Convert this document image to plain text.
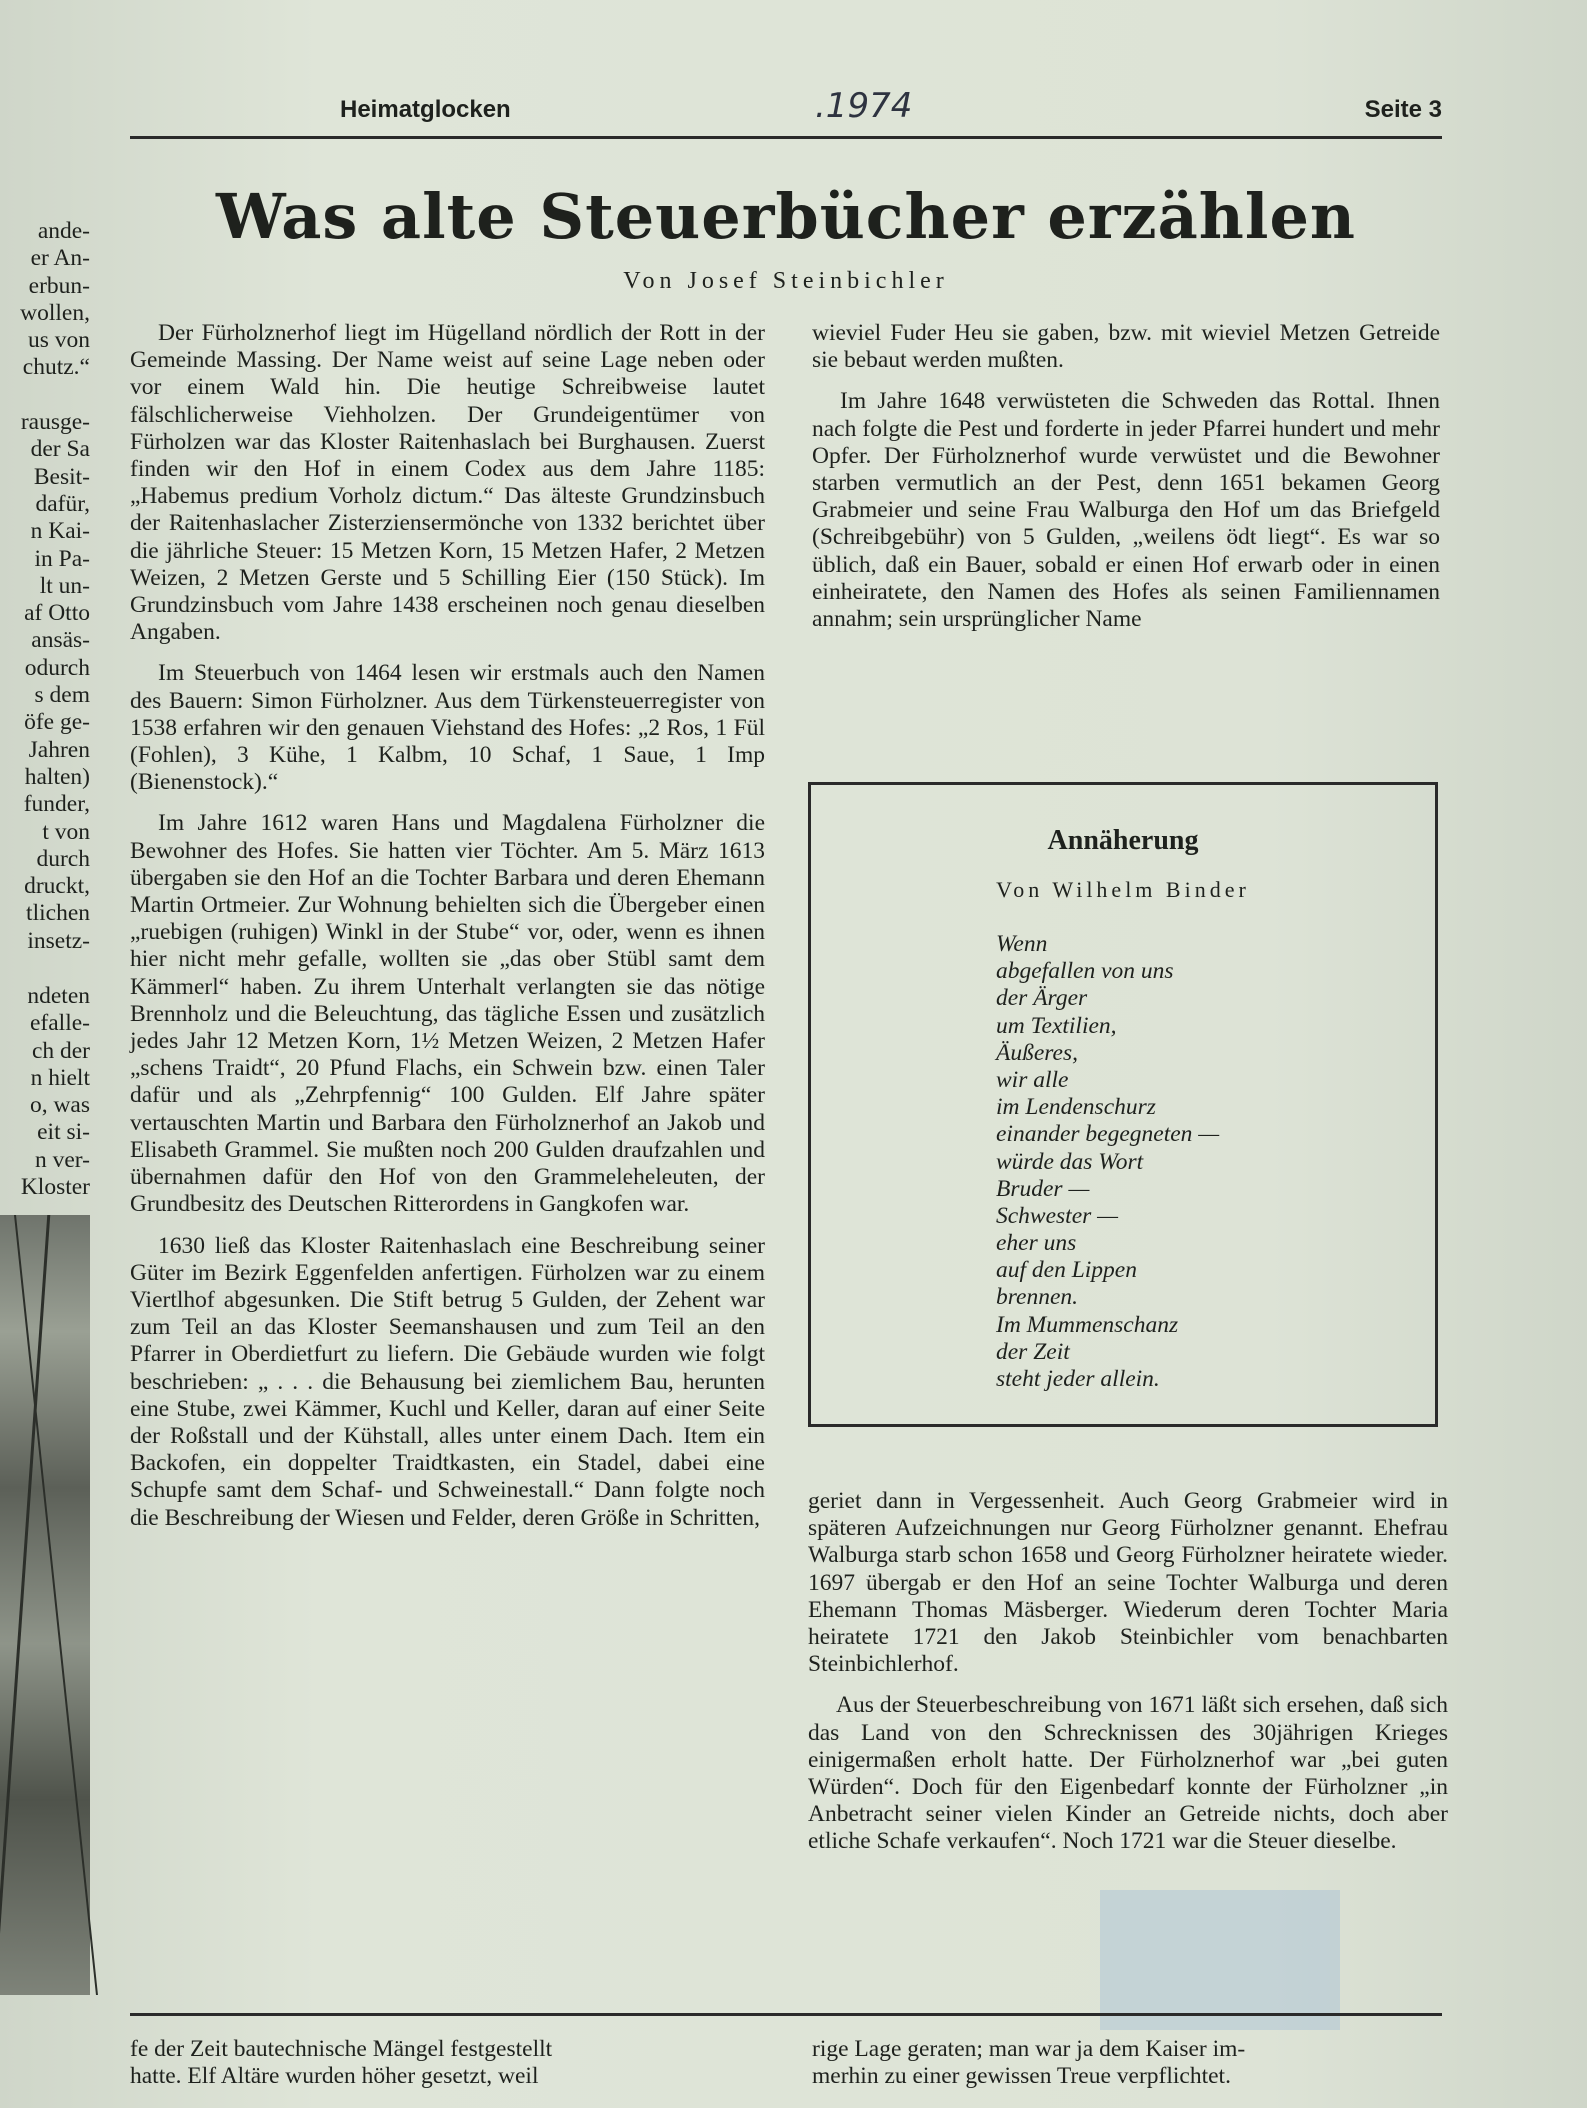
Heimatglocken	.1974	Seite 3
Was alte Steuerbücher erzählen
Von Josef Steinbichler
ande-
er An-
erbun-
wollen,
us von
chutz.“
rausge-
der Sa
Besit-
dafür,
n Kai-
in Pa-
lt un-
af Otto
ansäs-
odurch
s dem
öfe ge-
Jahren
halten)
funder,
t von
durch
druckt,
tlichen
insetz-
ndeten
efalle-
ch der
n hielt
o, was
eit si-
n ver-
Kloster

Der Fürholznerhof liegt im Hügelland nördlich der Rott in der Gemeinde Massing. Der Name weist auf seine Lage neben oder vor einem Wald hin. Die heutige Schreibweise lautet fälschlicherweise Viehholzen. Der Grundeigentümer von Fürholzen war das Kloster Raitenhaslach bei Burghausen. Zuerst finden wir den Hof in einem Codex aus dem Jahre 1185: „Habemus predium Vorholz dictum.“ Das älteste Grundzinsbuch der Raitenhaslacher Zisterziensermönche von 1332 berichtet über die jährliche Steuer: 15 Metzen Korn, 15 Metzen Hafer, 2 Metzen Weizen, 2 Metzen Gerste und 5 Schilling Eier (150 Stück). Im Grundzinsbuch vom Jahre 1438 erscheinen noch genau dieselben Angaben.

Im Steuerbuch von 1464 lesen wir erstmals auch den Namen des Bauern: Simon Fürholzner. Aus dem Türkensteuerregister von 1538 erfahren wir den genauen Viehstand des Hofes: „2 Ros, 1 Fül (Fohlen), 3 Kühe, 1 Kalbm, 10 Schaf, 1 Saue, 1 Imp (Bienenstock).“

Im Jahre 1612 waren Hans und Magdalena Fürholzner die Bewohner des Hofes. Sie hatten vier Töchter. Am 5. März 1613 übergaben sie den Hof an die Tochter Barbara und deren Ehemann Martin Ortmeier. Zur Wohnung behielten sich die Übergeber einen „ruebigen (ruhigen) Winkl in der Stube“ vor, oder, wenn es ihnen hier nicht mehr gefalle, wollten sie „das ober Stübl samt dem Kämmerl“ haben. Zu ihrem Unterhalt verlangten sie das nötige Brennholz und die Beleuchtung, das tägliche Essen und zusätzlich jedes Jahr 12 Metzen Korn, 1½ Metzen Weizen, 2 Metzen Hafer „schens Traidt“, 20 Pfund Flachs, ein Schwein bzw. einen Taler dafür und als „Zehrpfennig“ 100 Gulden. Elf Jahre später vertauschten Martin und Barbara den Fürholznerhof an Jakob und Elisabeth Grammel. Sie mußten noch 200 Gulden draufzahlen und übernahmen dafür den Hof von den Grammeleheleuten, der Grundbesitz des Deutschen Ritterordens in Gangkofen war.

1630 ließ das Kloster Raitenhaslach eine Beschreibung seiner Güter im Bezirk Eggenfelden anfertigen. Fürholzen war zu einem Viertlhof abgesunken. Die Stift betrug 5 Gulden, der Zehent war zum Teil an das Kloster Seemanshausen und zum Teil an den Pfarrer in Oberdietfurt zu liefern. Die Gebäude wurden wie folgt beschrieben: „ . . . die Behausung bei ziemlichem Bau, herunten eine Stube, zwei Kämmer, Kuchl und Keller, daran auf einer Seite der Roßstall und der Kühstall, alles unter einem Dach. Item ein Backofen, ein doppelter Traidtkasten, ein Stadel, dabei eine Schupfe samt dem Schaf- und Schweinestall.“ Dann folgte noch die Beschreibung der Wiesen und Felder, deren Größe in Schritten,

wieviel Fuder Heu sie gaben, bzw. mit wieviel Metzen Getreide sie bebaut werden mußten.

Im Jahre 1648 verwüsteten die Schweden das Rottal. Ihnen nach folgte die Pest und forderte in jeder Pfarrei hundert und mehr Opfer. Der Fürholznerhof wurde verwüstet und die Bewohner starben vermutlich an der Pest, denn 1651 bekamen Georg Grabmeier und seine Frau Walburga den Hof um das Briefgeld (Schreibgebühr) von 5 Gulden, „weilens ödt liegt“. Es war so üblich, daß ein Bauer, sobald er einen Hof erwarb oder in einen einheiratete, den Namen des Hofes als seinen Familiennamen annahm; sein ursprünglicher Name

Annäherung
Von Wilhelm Binder
Wenn
abgefallen von uns
der Ärger
um Textilien,
Äußeres,
wir alle
im Lendenschurz
einander begegneten —
würde das Wort
Bruder —
Schwester —
eher uns
auf den Lippen
brennen.
Im Mummenschanz
der Zeit
steht jeder allein.

geriet dann in Vergessenheit. Auch Georg Grabmeier wird in späteren Aufzeichnungen nur Georg Fürholzner genannt. Ehefrau Walburga starb schon 1658 und Georg Fürholzner heiratete wieder. 1697 übergab er den Hof an seine Tochter Walburga und deren Ehemann Thomas Mäsberger. Wiederum deren Tochter Maria heiratete 1721 den Jakob Steinbichler vom benachbarten Steinbichlerhof.

Aus der Steuerbeschreibung von 1671 läßt sich ersehen, daß sich das Land von den Schrecknissen des 30jährigen Krieges einigermaßen erholt hatte. Der Fürholznerhof war „bei guten Würden“. Doch für den Eigenbedarf konnte der Fürholzner „in Anbetracht seiner vielen Kinder an Getreide nichts, doch aber etliche Schafe verkaufen“. Noch 1721 war die Steuer dieselbe.

fe der Zeit bautechnische Mängel festgestellt
hatte. Elf Altäre wurden höher gesetzt, weil
rige Lage geraten; man war ja dem Kaiser im-
merhin zu einer gewissen Treue verpflichtet.
